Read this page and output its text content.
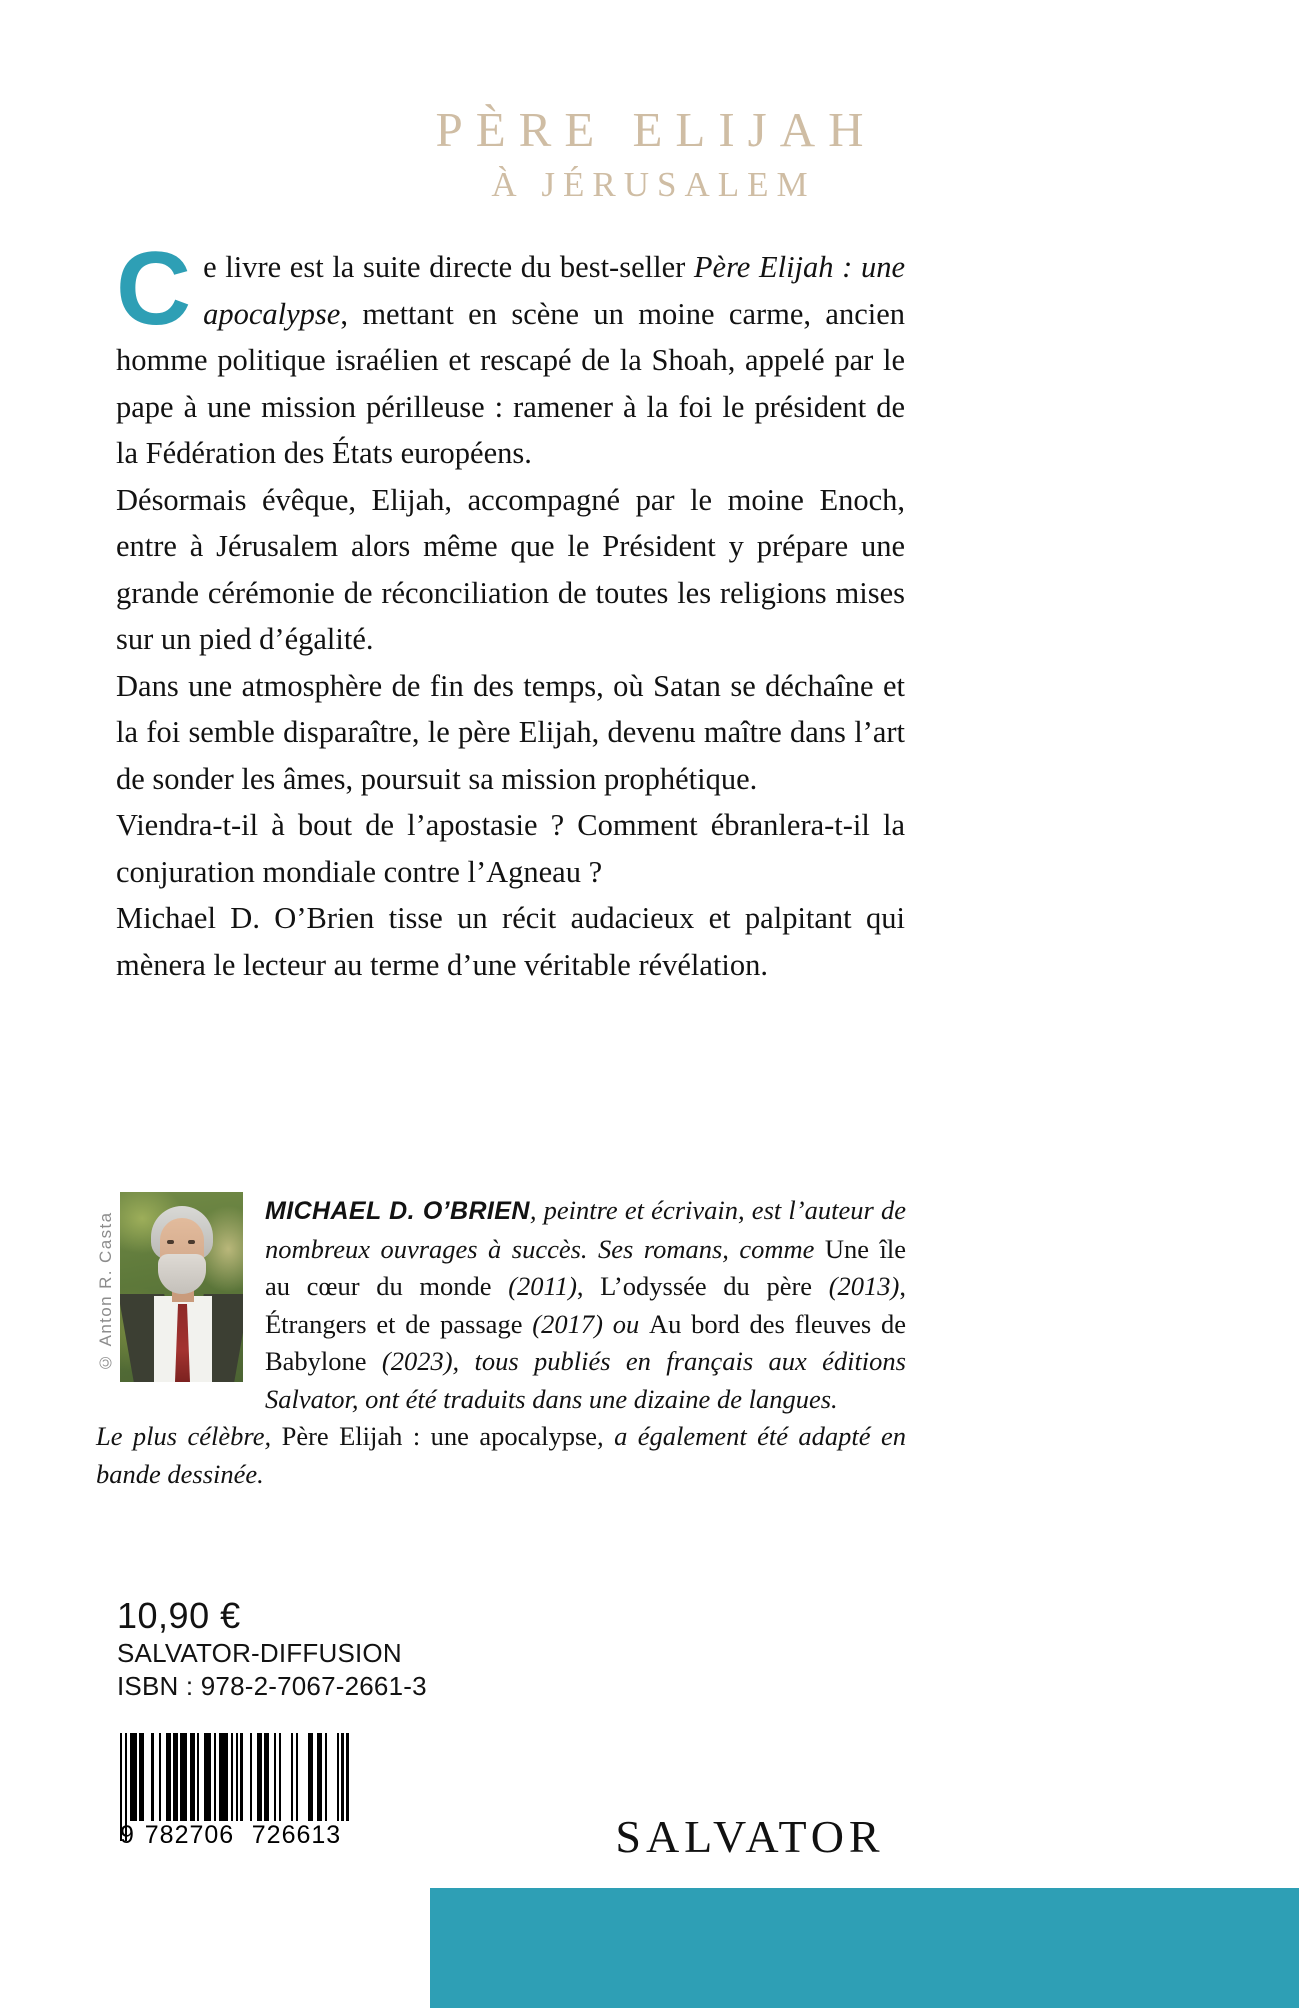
PÈRE ELIJAH
À JÉRUSALEM

Ce livre est la suite directe du best-seller Père Elijah : une apocalypse, mettant en scène un moine carme, ancien homme politique israélien et rescapé de la Shoah, appelé par le pape à une mission périlleuse : ramener à la foi le président de la Fédération des États européens.

Désormais évêque, Elijah, accompagné par le moine Enoch, entre à Jérusalem alors même que le Président y prépare une grande cérémonie de réconciliation de toutes les religions mises sur un pied d’égalité.

Dans une atmosphère de fin des temps, où Satan se déchaîne et la foi semble disparaître, le père Elijah, devenu maître dans l’art de sonder les âmes, poursuit sa mission prophétique.

Viendra-t-il à bout de l’apostasie ? Comment ébranlera-t-il la conjuration mondiale contre l’Agneau ?

Michael D. O’Brien tisse un récit audacieux et palpitant qui mènera le lecteur au terme d’une véritable révélation.

© Anton R. Casta
MICHAEL D. O’BRIEN, peintre et écrivain, est l’auteur de nombreux ouvrages à succès. Ses romans, comme Une île au cœur du monde (2011), L’odyssée du père (2013), Étrangers et de passage (2017) ou Au bord des fleuves de Babylone (2023), tous publiés en français aux éditions Salvator, ont été traduits dans une dizaine de langues.
Le plus célèbre, Père Elijah : une apocalypse, a également été adapté en bande dessinée.
10,90 €
SALVATOR-DIFFUSION
ISBN : 978-2-7067-2661-3
9 782706 726613	SALVATOR
